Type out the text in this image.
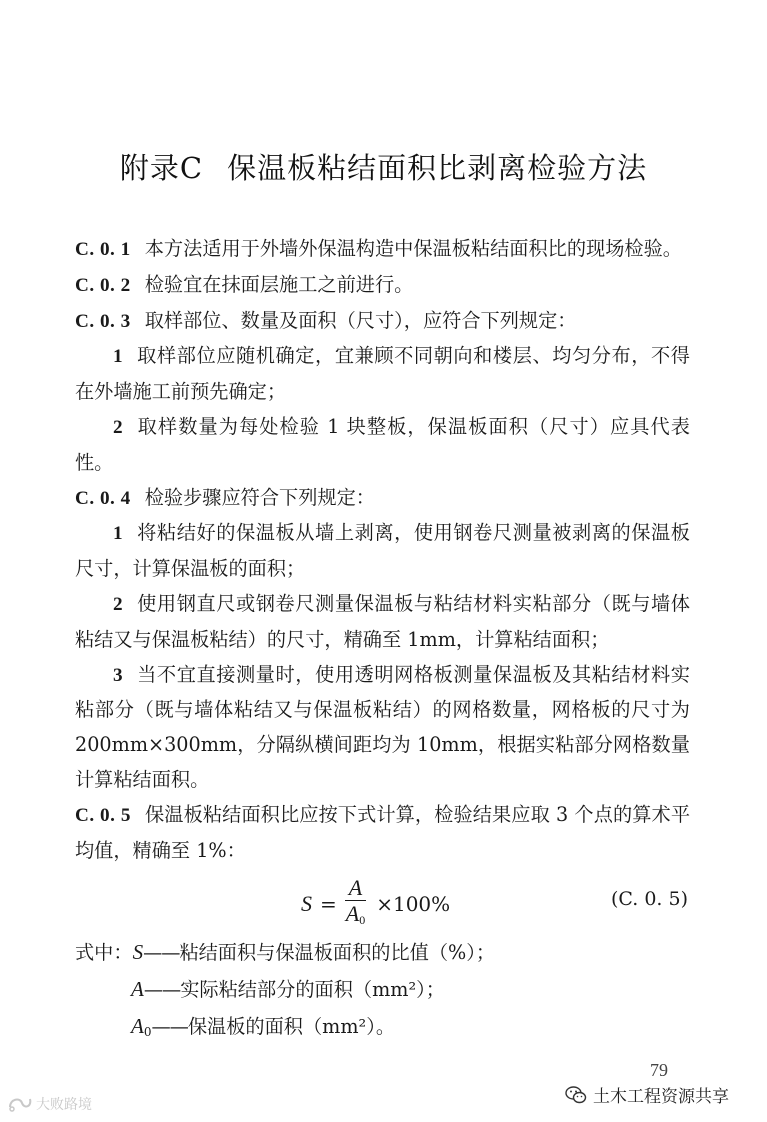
附录C 保温板粘结面积比剥离检验方法

C. 0. 1 本方法适用于外墙外保温构造中保温板粘结面积比的现场检验。

C. 0. 2 检验宜在抹面层施工之前进行。

C. 0. 3 取样部位、数量及面积（尺寸），应符合下列规定：

1 取样部位应随机确定，宜兼顾不同朝向和楼层、均匀分布，不得在外墙施工前预先确定；

2 取样数量为每处检验 1 块整板，保温板面积（尺寸）应具代表性。

C. 0. 4 检验步骤应符合下列规定：

1 将粘结好的保温板从墙上剥离，使用钢卷尺测量被剥离的保温板尺寸，计算保温板的面积；

2 使用钢直尺或钢卷尺测量保温板与粘结材料实粘部分（既与墙体粘结又与保温板粘结）的尺寸，精确至 1mm，计算粘结面积；

3 当不宜直接测量时，使用透明网格板测量保温板及其粘结材料实粘部分（既与墙体粘结又与保温板粘结）的网格数量，网格板的尺寸为 200mm×300mm，分隔纵横间距均为 10mm，根据实粘部分网格数量计算粘结面积。

C. 0. 5 保温板粘结面积比应按下式计算，检验结果应取 3 个点的算术平均值，精确至 1%：

$S = \frac{A}{A_0} \times 100\%$	(C. 0. 5)

式中：S——粘结面积与保温板面积的比值（%）；

A——实际粘结部分的面积（mm²）；

$A_0——$保温板的面积（mm²）。

79
土木工程资源共享
大败路境
